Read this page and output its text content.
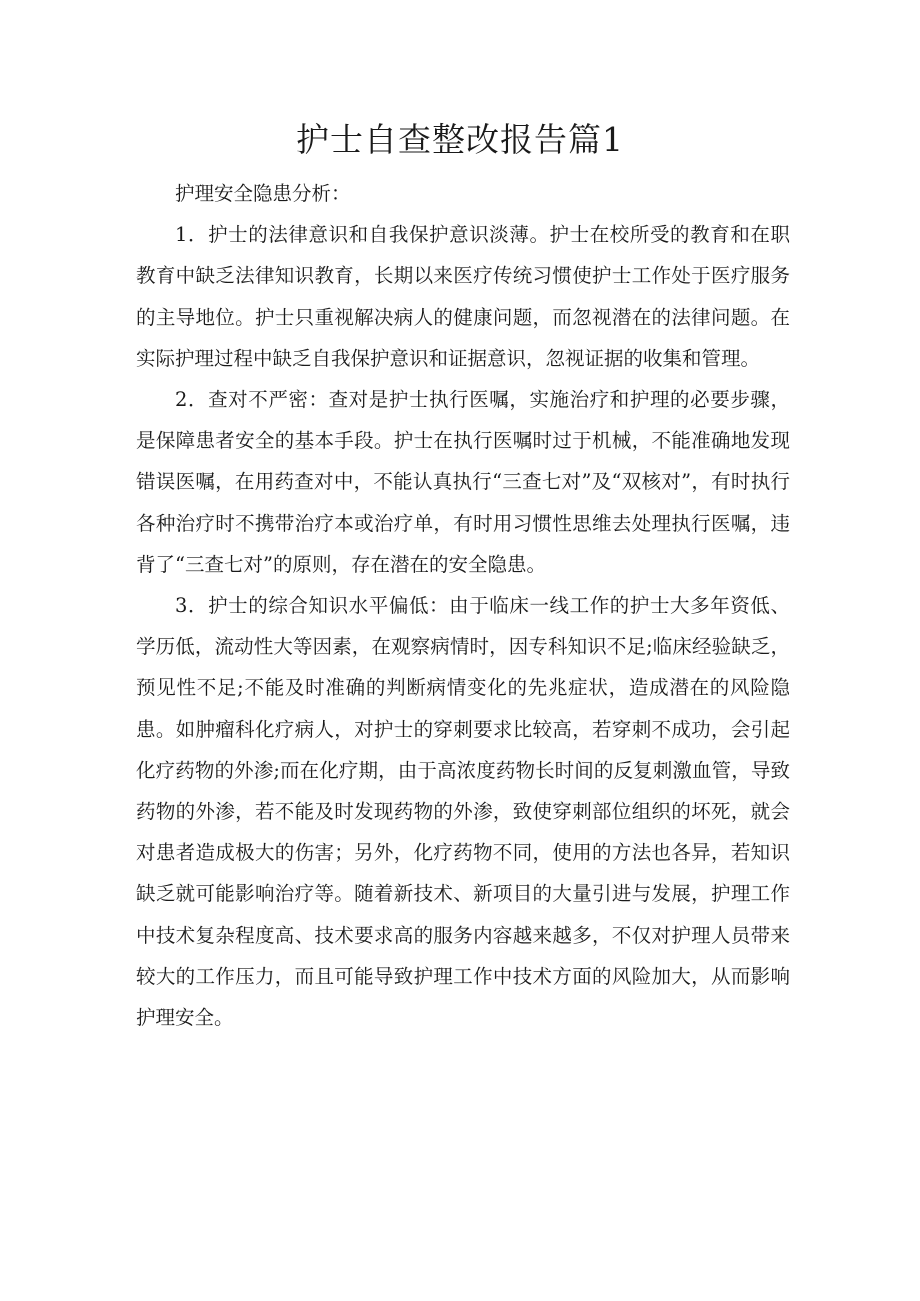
护士自查整改报告篇1

护理安全隐患分析：

1．护士的法律意识和自我保护意识淡薄。护士在校所受的教育和在职教育中缺乏法律知识教育，长期以来医疗传统习惯使护士工作处于医疗服务的主导地位。护士只重视解决病人的健康问题，而忽视潜在的法律问题。在实际护理过程中缺乏自我保护意识和证据意识，忽视证据的收集和管理。

2．查对不严密：查对是护士执行医嘱，实施治疗和护理的必要步骤，是保障患者安全的基本手段。护士在执行医嘱时过于机械，不能准确地发现错误医嘱，在用药查对中，不能认真执行“三查七对”及“双核对”，有时执行各种治疗时不携带治疗本或治疗单，有时用习惯性思维去处理执行医嘱，违背了“三查七对”的原则，存在潜在的安全隐患。

3．护士的综合知识水平偏低：由于临床一线工作的护士大多年资低、学历低，流动性大等因素，在观察病情时，因专科知识不足;临床经验缺乏，预见性不足;不能及时准确的判断病情变化的先兆症状，造成潜在的风险隐患。如肿瘤科化疗病人，对护士的穿刺要求比较高，若穿刺不成功，会引起化疗药物的外渗;而在化疗期，由于高浓度药物长时间的反复刺激血管，导致药物的外渗，若不能及时发现药物的外渗，致使穿刺部位组织的坏死，就会对患者造成极大的伤害；另外，化疗药物不同，使用的方法也各异，若知识缺乏就可能影响治疗等。随着新技术、新项目的大量引进与发展，护理工作中技术复杂程度高、技术要求高的服务内容越来越多，不仅对护理人员带来较大的工作压力，而且可能导致护理工作中技术方面的风险加大，从而影响护理安全。
